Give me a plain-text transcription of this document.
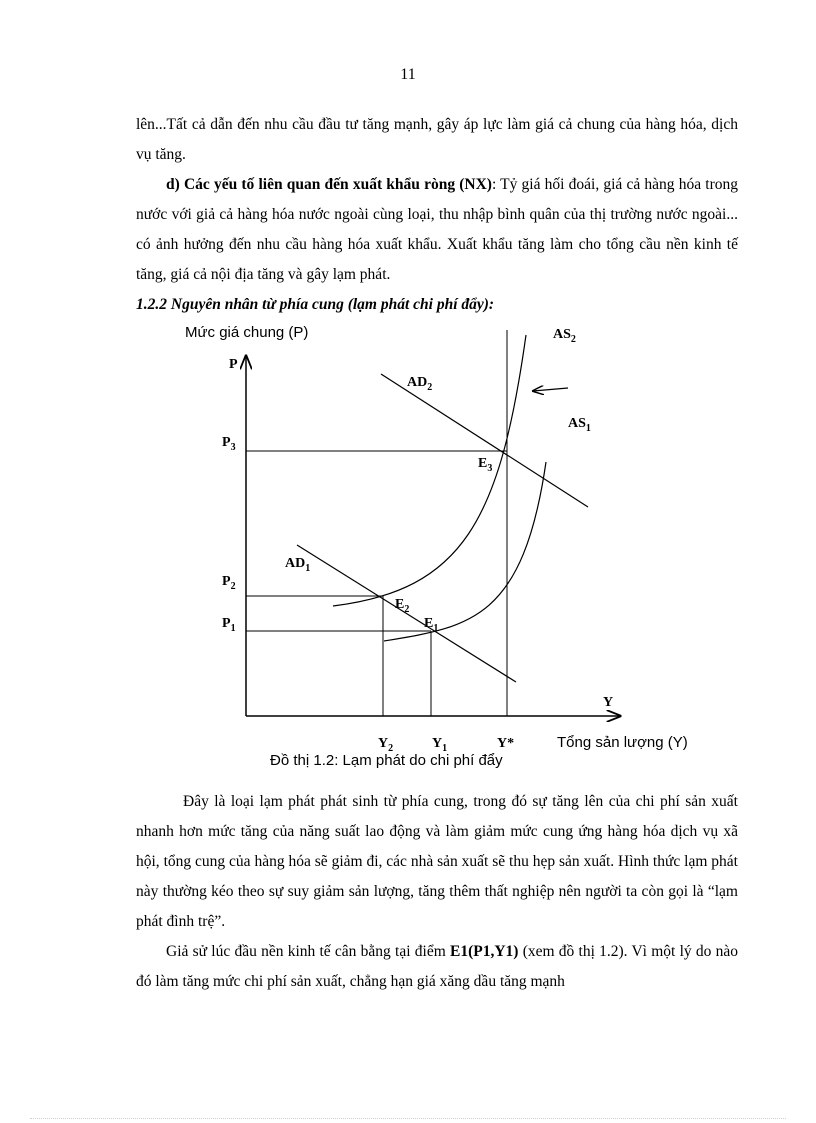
11

lên...Tất cả dẫn đến nhu cầu đầu tư tăng mạnh, gây áp lực làm giá cả chung của hàng hóa, dịch vụ tăng.

d) Các yếu tố liên quan đến xuất khẩu ròng (NX): Tỷ giá hối đoái, giá cả hàng hóa trong nước với giả cả hàng hóa nước ngoài cùng loại, thu nhập bình quân của thị trường nước ngoài... có ảnh hưởng đến nhu cầu hàng hóa xuất khẩu. Xuất khẩu tăng làm cho tổng cầu nền kinh tế tăng, giá cả nội địa tăng và gây lạm phát.

1.2.2 Nguyên nhân từ phía cung (lạm phát chi phí đẩy):

Mức giá chung (P)
P
Y
$P_1$
$P_2$
$P_3$
$Y_2$	$Y_1$	Y*
$AS_1$
$AS_2$
$AD_1$
$AD_2$
$E_1$
$E_2$
$E_3$
Tổng sản lượng (Y)
Đồ thị 1.2: Lạm phát do chi phí đẩy

Đây là loại lạm phát phát sinh từ phía cung, trong đó sự tăng lên của chi phí sản xuất nhanh hơn mức tăng của năng suất lao động và làm giảm mức cung ứng hàng hóa dịch vụ xã hội, tổng cung của hàng hóa sẽ giảm đi, các nhà sản xuất sẽ thu hẹp sản xuất. Hình thức lạm phát này thường kéo theo sự suy giảm sản lượng, tăng thêm thất nghiệp nên người ta còn gọi là “lạm phát đình trệ”.

Giả sử lúc đầu nền kinh tế cân bằng tại điểm E1(P1,Y1) (xem đồ thị 1.2). Vì một lý do nào đó làm tăng mức chi phí sản xuất, chẳng hạn giá xăng dầu tăng mạnh
